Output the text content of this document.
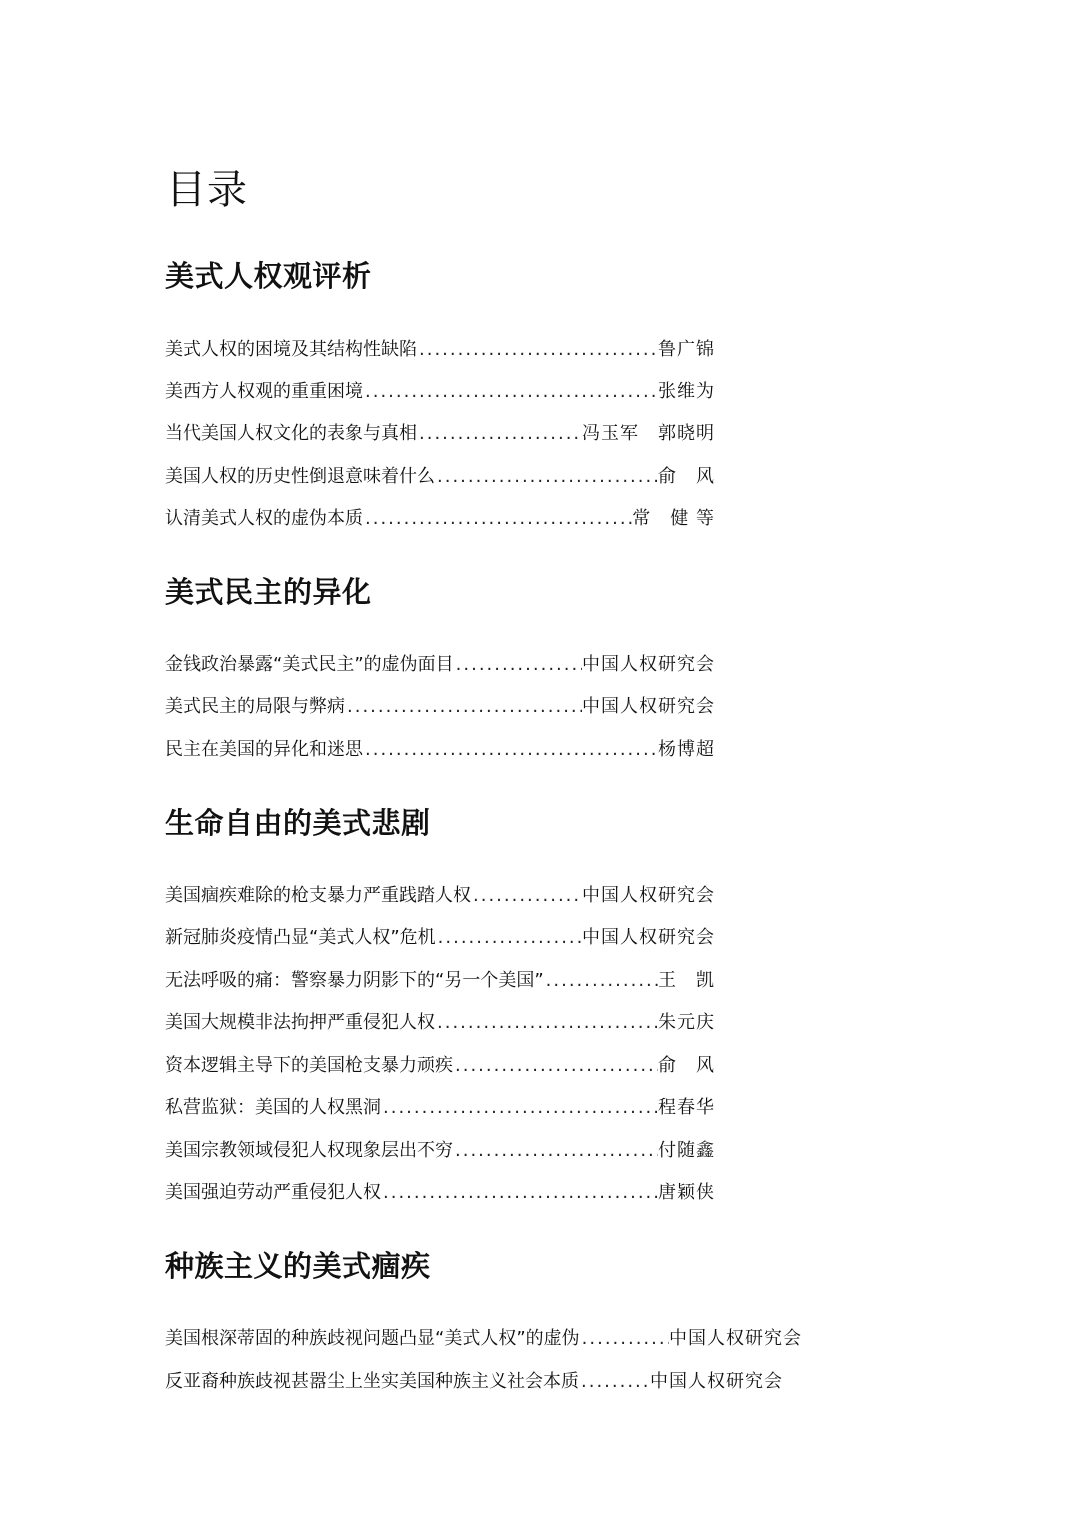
目录
美式人权观评析
美式人权的困境及其结构性缺陷 .....	鲁广锦
美西方人权观的重重困境 .....	张维为
当代美国人权文化的表象与真相 .....	冯玉军　郭晓明
美国人权的历史性倒退意味着什么 .....	俞　风
认清美式人权的虚伪本质 .....	常　健 等
美式民主的异化
金钱政治暴露“美式民主”的虚伪面目 .....	中国人权研究会
美式民主的局限与弊病 .....	中国人权研究会
民主在美国的异化和迷思 .....	杨博超
生命自由的美式悲剧
美国痼疾难除的枪支暴力严重践踏人权 .....	中国人权研究会
新冠肺炎疫情凸显“美式人权”危机 .....	中国人权研究会
无法呼吸的痛：警察暴力阴影下的“另一个美国” .....	王　凯
美国大规模非法拘押严重侵犯人权 .....	朱元庆
资本逻辑主导下的美国枪支暴力顽疾 .....	俞　风
私营监狱：美国的人权黑洞 .....	程春华
美国宗教领域侵犯人权现象层出不穷 .....	付随鑫
美国强迫劳动严重侵犯人权 .....	唐颖侠
种族主义的美式痼疾
美国根深蒂固的种族歧视问题凸显“美式人权”的虚伪 .....	中国人权研究会
反亚裔种族歧视甚嚣尘上坐实美国种族主义社会本质 .....	中国人权研究会
